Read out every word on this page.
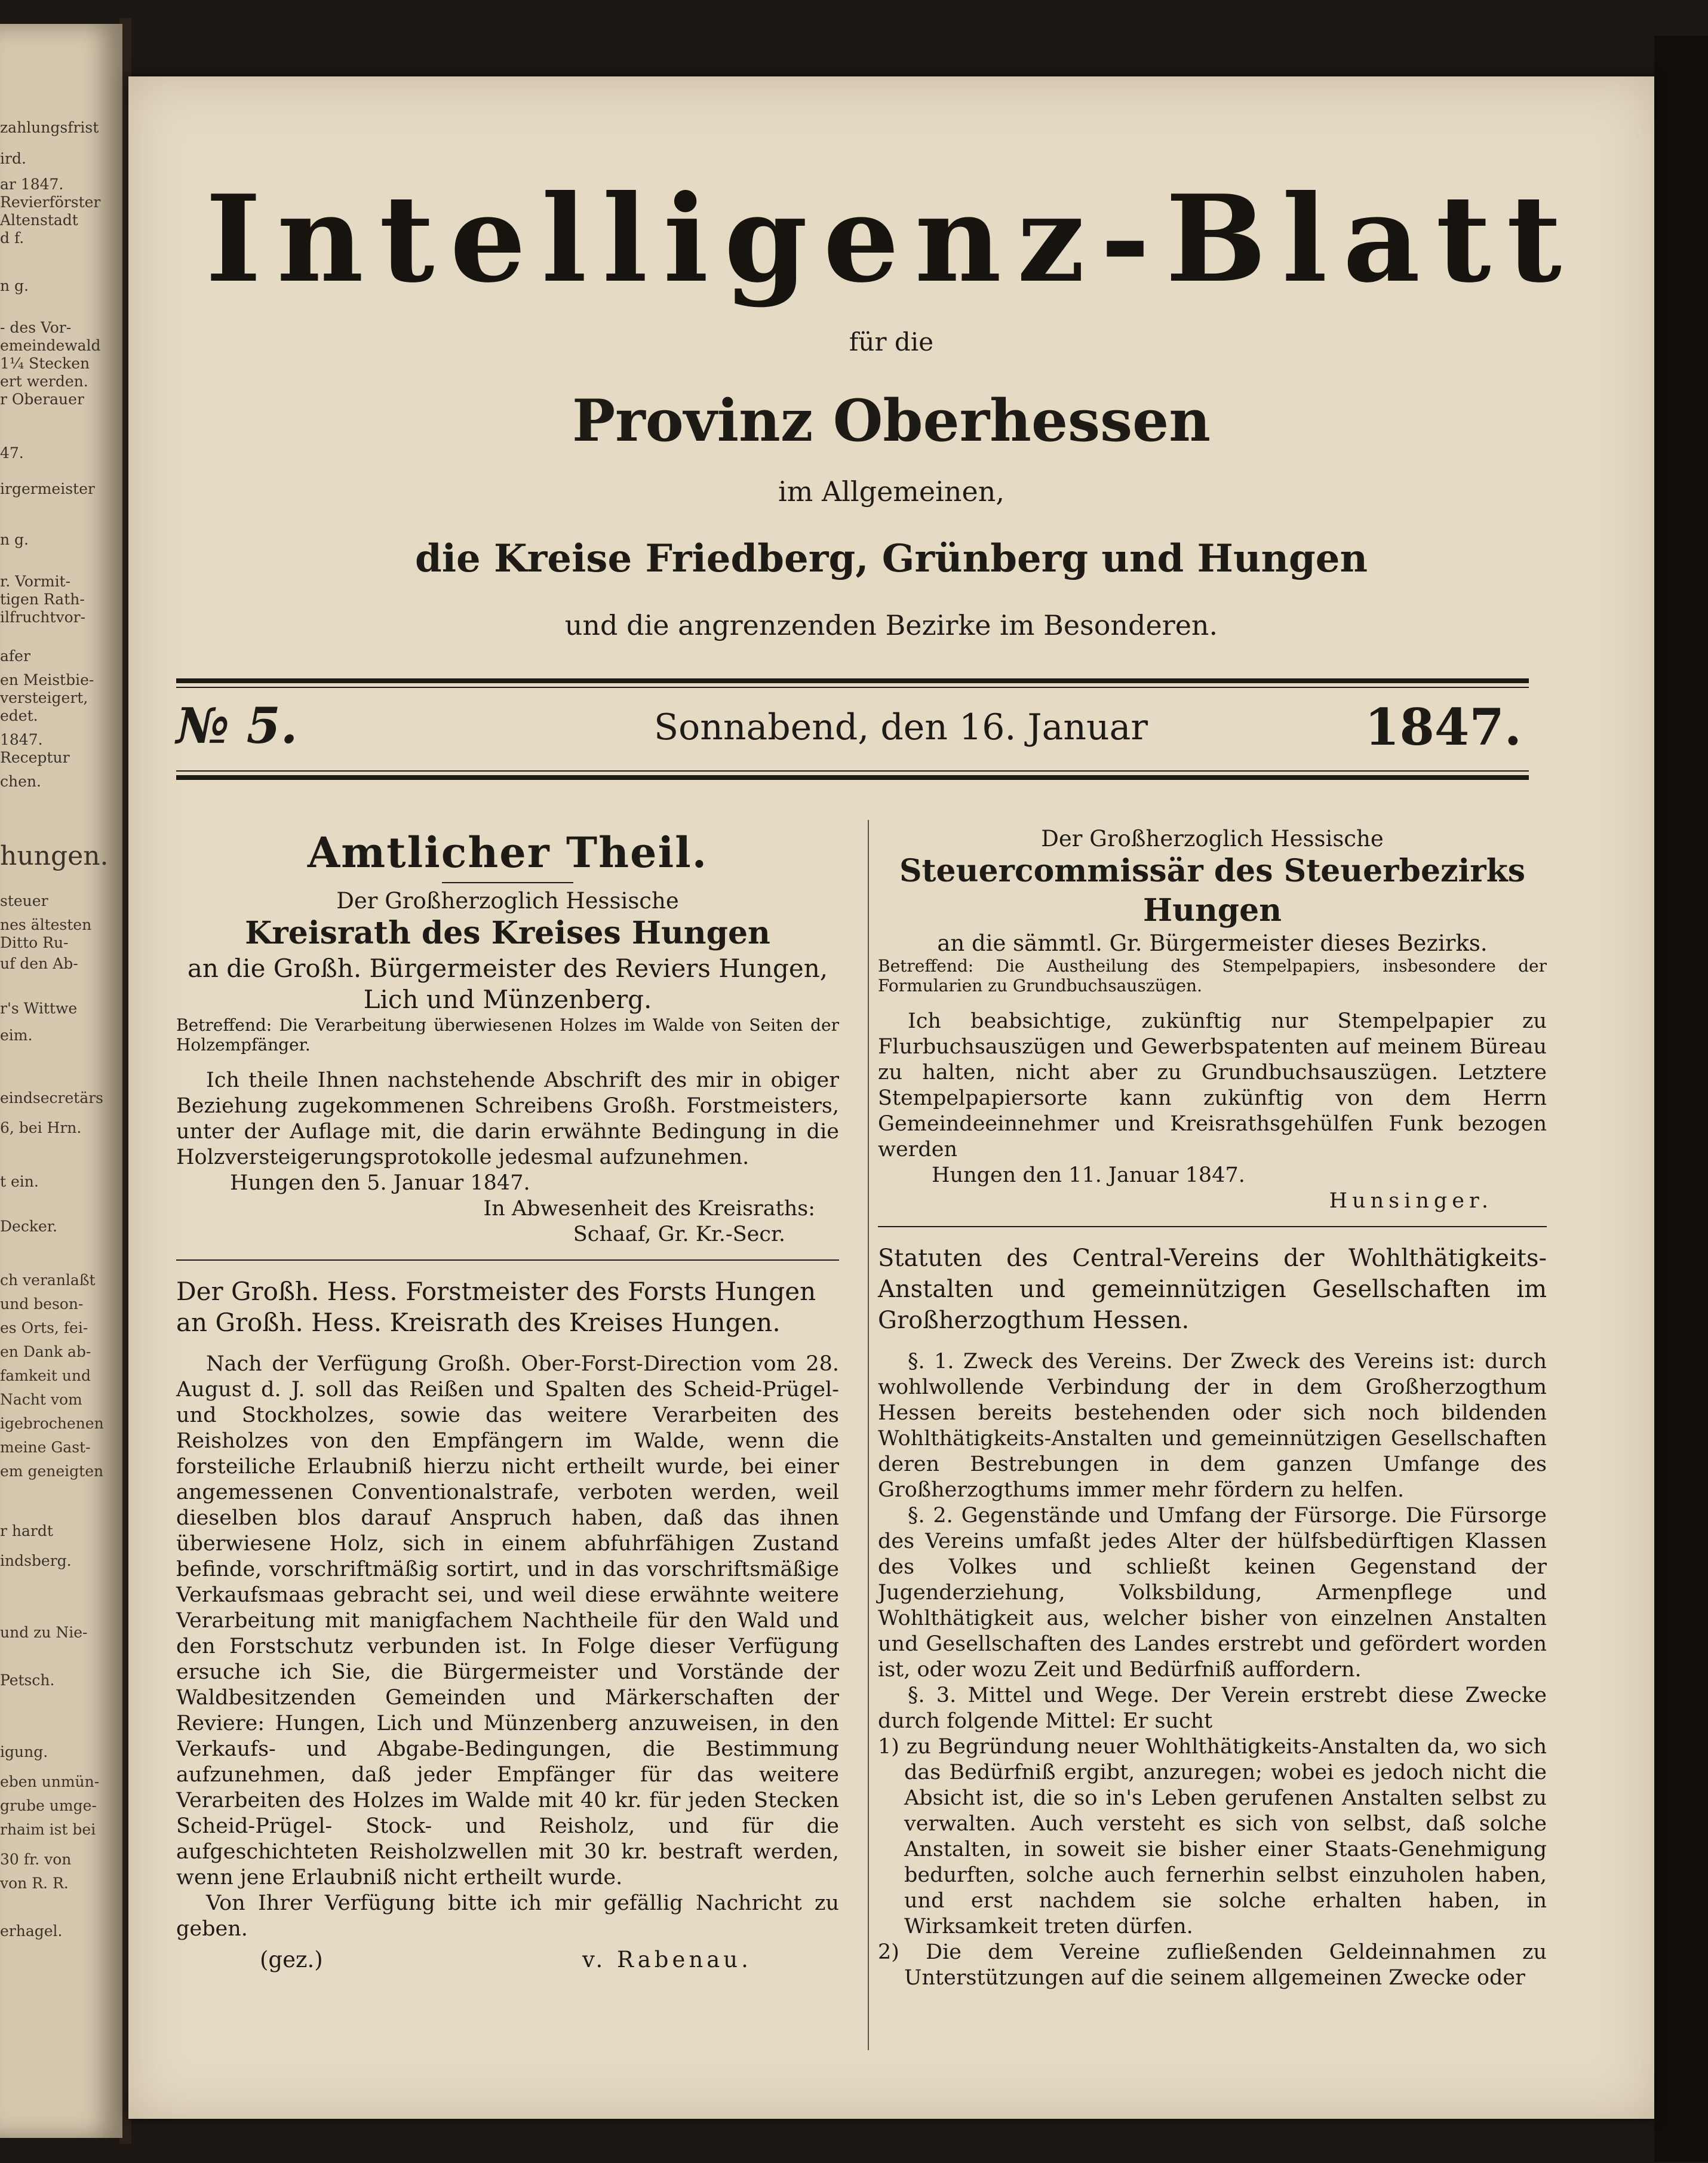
zahlungsfrist
ird.
ar 1847.
Revierförster
Altenstadt
d f.
n g.
- des Vor-
emeindewald
1¼ Stecken
ert werden.
r Oberauer
47.
irgermeister
n g.
r. Vormit-
tigen Rath-
ilfruchtvor-
afer
en Meistbie-
versteigert,
edet.
1847.
Receptur
chen.
hungen.
steuer
nes ältesten
Ditto Ru-
uf den Ab-
r's Wittwe
eim.
eindsecretärs
6, bei Hrn.
t ein.
Decker.
ch veranlaßt
und beson-
es Orts, fei-
en Dank ab-
famkeit und
Nacht vom
igebrochenen
meine Gast-
em geneigten
r hardt
indsberg.
und zu Nie-
Petsch.
igung.
eben unmün-
grube umge-
rhaim ist bei
30 fr. von
von R. R.
erhagel.
Intelligenz-Blatt
für die
Provinz Oberhessen
im Allgemeinen,
die Kreise Friedberg, Grünberg und Hungen
und die angrenzenden Bezirke im Besonderen.
№ 5.	Sonnabend, den 16. Januar	1847.
Amtlicher Theil.
Der Großherzoglich Hessische
Kreisrath des Kreises Hungen
an die Großh. Bürgermeister des Reviers Hungen, Lich und Münzenberg.
Betreffend: Die Verarbeitung überwiesenen Holzes im Walde von Seiten der Holzempfänger.
Ich theile Ihnen nachstehende Abschrift des mir in obiger Beziehung zugekommenen Schreibens Großh. Forstmeisters, unter der Auflage mit, die darin erwähnte Bedingung in die Holzversteigerungsprotokolle jedesmal aufzunehmen.
Hungen den 5. Januar 1847.
In Abwesenheit des Kreisraths:
Schaaf, Gr. Kr.-Secr.
Der Großh. Hess. Forstmeister des Forsts Hungen an Großh. Hess. Kreisrath des Kreises Hungen.
Nach der Verfügung Großh. Ober-Forst-Direction vom 28. August d. J. soll das Reißen und Spalten des Scheid-Prügel- und Stockholzes, sowie das weitere Verarbeiten des Reisholzes von den Empfängern im Walde, wenn die forsteiliche Erlaubniß hierzu nicht ertheilt wurde, bei einer angemessenen Conventionalstrafe, verboten werden, weil dieselben blos darauf Anspruch haben, daß das ihnen überwiesene Holz, sich in einem abfuhrfähigen Zustand befinde, vorschriftmäßig sortirt, und in das vorschriftsmäßige Verkaufsmaas gebracht sei, und weil diese erwähnte weitere Verarbeitung mit manigfachem Nachtheile für den Wald und den Forstschutz verbunden ist. In Folge dieser Verfügung ersuche ich Sie, die Bürgermeister und Vorstände der Waldbesitzenden Gemeinden und Märkerschaften der Reviere: Hungen, Lich und Münzenberg anzuweisen, in den Verkaufs- und Abgabe-Bedingungen, die Bestimmung aufzunehmen, daß jeder Empfänger für das weitere Verarbeiten des Holzes im Walde mit 40 kr. für jeden Stecken Scheid-Prügel- Stock- und Reisholz, und für die aufgeschichteten Reisholzwellen mit 30 kr. bestraft werden, wenn jene Erlaubniß nicht ertheilt wurde.
Von Ihrer Verfügung bitte ich mir gefällig Nachricht zu geben.
(gez.)	v. Rabenau.
Der Großherzoglich Hessische
Steuercommissär des Steuerbezirks Hungen
an die sämmtl. Gr. Bürgermeister dieses Bezirks.
Betreffend: Die Austheilung des Stempelpapiers, insbesondere der Formularien zu Grundbuchsauszügen.
Ich beabsichtige, zukünftig nur Stempelpapier zu Flurbuchsauszügen und Gewerbspatenten auf meinem Büreau zu halten, nicht aber zu Grundbuchsauszügen. Letztere Stempelpapiersorte kann zukünftig von dem Herrn Gemeindeeinnehmer und Kreisrathsgehülfen Funk bezogen werden
Hungen den 11. Januar 1847.
Hunsinger.
Statuten des Central-Vereins der Wohlthätigkeits-Anstalten und gemeinnützigen Gesellschaften im Großherzogthum Hessen.
§. 1. Zweck des Vereins. Der Zweck des Vereins ist: durch wohlwollende Verbindung der in dem Großherzogthum Hessen bereits bestehenden oder sich noch bildenden Wohlthätigkeits-Anstalten und gemeinnützigen Gesellschaften deren Bestrebungen in dem ganzen Umfange des Großherzogthums immer mehr fördern zu helfen.
§. 2. Gegenstände und Umfang der Fürsorge. Die Fürsorge des Vereins umfaßt jedes Alter der hülfsbedürftigen Klassen des Volkes und schließt keinen Gegenstand der Jugenderziehung, Volksbildung, Armenpflege und Wohlthätigkeit aus, welcher bisher von einzelnen Anstalten und Gesellschaften des Landes erstrebt und gefördert worden ist, oder wozu Zeit und Bedürfniß auffordern.
§. 3. Mittel und Wege. Der Verein erstrebt diese Zwecke durch folgende Mittel: Er sucht
1) zu Begründung neuer Wohlthätigkeits-Anstalten da, wo sich das Bedürfniß ergibt, anzuregen; wobei es jedoch nicht die Absicht ist, die so in's Leben gerufenen Anstalten selbst zu verwalten. Auch versteht es sich von selbst, daß solche Anstalten, in soweit sie bisher einer Staats-Genehmigung bedurften, solche auch fernerhin selbst einzuholen haben, und erst nachdem sie solche erhalten haben, in Wirksamkeit treten dürfen.
2) Die dem Vereine zufließenden Geldeinnahmen zu Unterstützungen auf die seinem allgemeinen Zwecke oder
